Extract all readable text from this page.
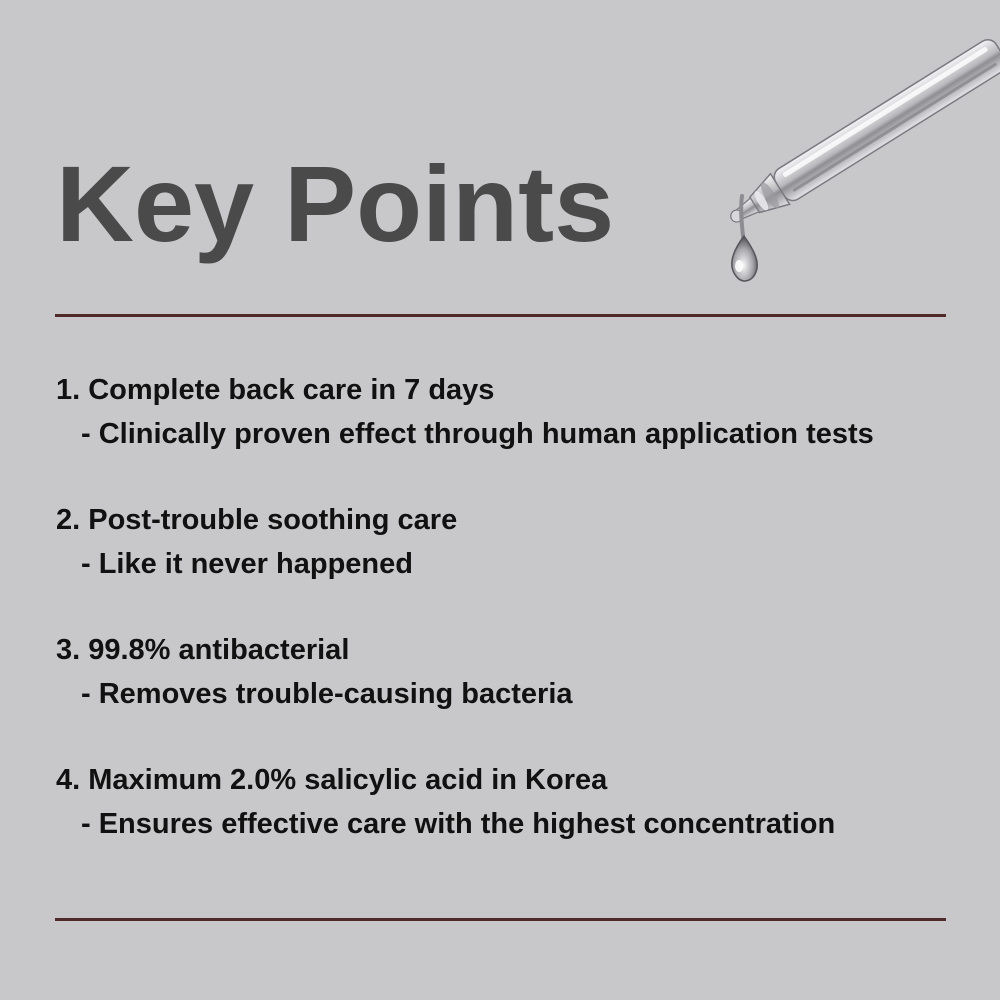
Key Points
1. Complete back care in 7 days
- Clinically proven effect through human application tests
2. Post-trouble soothing care
- Like it never happened
3. 99.8% antibacterial
- Removes trouble-causing bacteria
4. Maximum 2.0% salicylic acid in Korea
- Ensures effective care with the highest concentration
